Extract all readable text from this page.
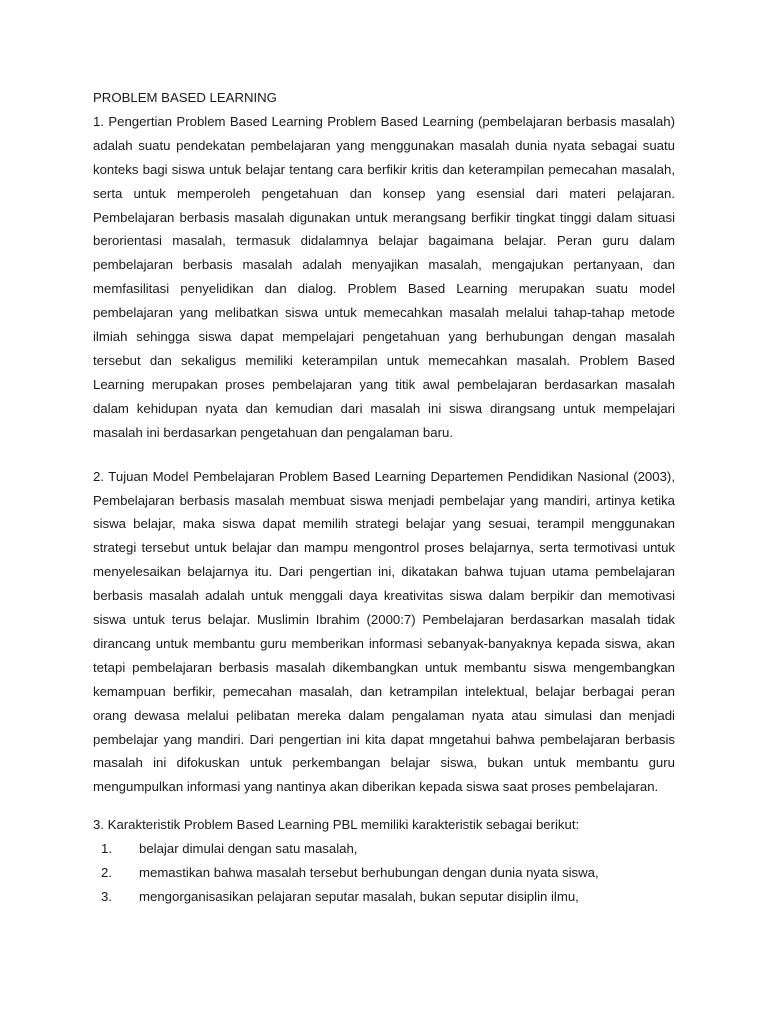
PROBLEM BASED LEARNING

1. Pengertian Problem Based Learning Problem Based Learning (pembelajaran berbasis masalah) adalah suatu pendekatan pembelajaran yang menggunakan masalah dunia nyata sebagai suatu konteks bagi siswa untuk belajar tentang cara berfikir kritis dan keterampilan pemecahan masalah, serta untuk memperoleh pengetahuan dan konsep yang esensial dari materi pelajaran. Pembelajaran berbasis masalah digunakan untuk merangsang berfikir tingkat tinggi dalam situasi berorientasi masalah, termasuk didalamnya belajar bagaimana belajar. Peran guru dalam pembelajaran berbasis masalah adalah menyajikan masalah, mengajukan pertanyaan, dan memfasilitasi penyelidikan dan dialog. Problem Based Learning merupakan suatu model pembelajaran yang melibatkan siswa untuk memecahkan masalah melalui tahap-tahap metode ilmiah sehingga siswa dapat mempelajari pengetahuan yang berhubungan dengan masalah tersebut dan sekaligus memiliki keterampilan untuk memecahkan masalah. Problem Based Learning merupakan proses pembelajaran yang titik awal pembelajaran berdasarkan masalah dalam kehidupan nyata dan kemudian dari masalah ini siswa dirangsang untuk mempelajari masalah ini berdasarkan pengetahuan dan pengalaman baru.

2. Tujuan Model Pembelajaran Problem Based Learning Departemen Pendidikan Nasional (2003), Pembelajaran berbasis masalah membuat siswa menjadi pembelajar yang mandiri, artinya ketika siswa belajar, maka siswa dapat memilih strategi belajar yang sesuai, terampil menggunakan strategi tersebut untuk belajar dan mampu mengontrol proses belajarnya, serta termotivasi untuk menyelesaikan belajarnya itu. Dari pengertian ini, dikatakan bahwa tujuan utama pembelajaran berbasis masalah adalah untuk menggali daya kreativitas siswa dalam berpikir dan memotivasi siswa untuk terus belajar. Muslimin Ibrahim (2000:7) Pembelajaran berdasarkan masalah tidak dirancang untuk membantu guru memberikan informasi sebanyak-banyaknya kepada siswa, akan tetapi pembelajaran berbasis masalah dikembangkan untuk membantu siswa mengembangkan kemampuan berfikir, pemecahan masalah, dan ketrampilan intelektual, belajar berbagai peran orang dewasa melalui pelibatan mereka dalam pengalaman nyata atau simulasi dan menjadi pembelajar yang mandiri. Dari pengertian ini kita dapat mngetahui bahwa pembelajaran berbasis masalah ini difokuskan untuk perkembangan belajar siswa, bukan untuk membantu guru mengumpulkan informasi yang nantinya akan diberikan kepada siswa saat proses pembelajaran.

3. Karakteristik Problem Based Learning PBL memiliki karakteristik sebagai berikut:

1.	belajar dimulai dengan satu masalah,
2.	memastikan bahwa masalah tersebut berhubungan dengan dunia nyata siswa,
3.	mengorganisasikan pelajaran seputar masalah, bukan seputar disiplin ilmu,
